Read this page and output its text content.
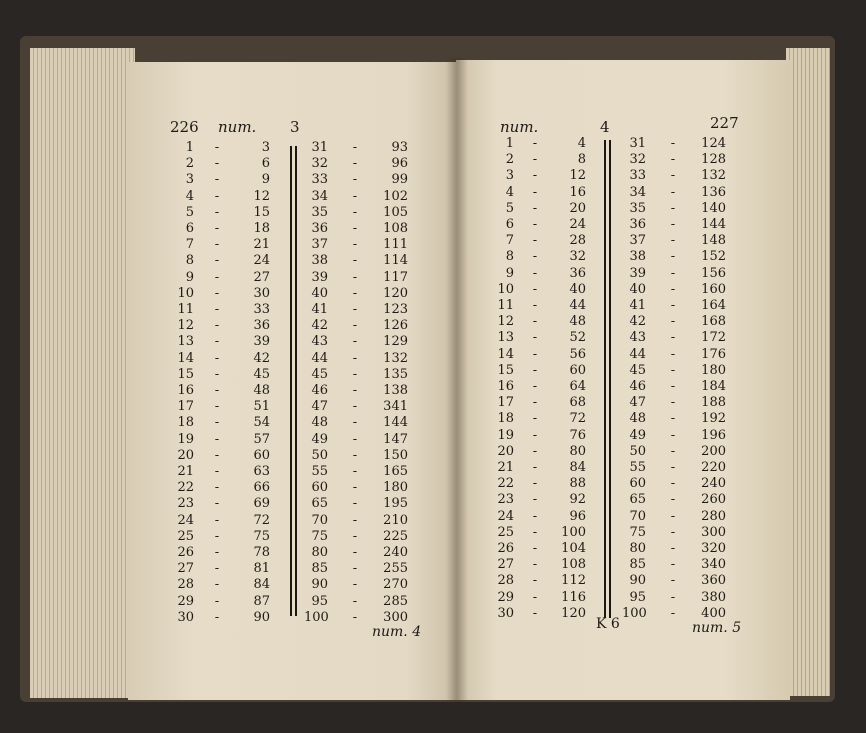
226 num. 3
1 -	3	31 -	93
2 -	6	32 -	96
3 -	9	33 -	99
4 -	12	34 -	102
5 -	15	35 -	105
6 -	18	36 -	108
7 -	21	37 -	111
8 -	24	38 -	114
9 -	27	39 -	117
10 -	30	40 -	120
11 -	33	41 -	123
12 -	36	42 -	126
13 -	39	43 -	129
14 -	42	44 -	132
15 -	45	45 -	135
16 -	48	46 -	138
17 -	51	47 -	341
18 -	54	48 -	144
19 -	57	49 -	147
20 -	60	50 -	150
21 -	63	55 -	165
22 -	66	60 -	180
23 -	69	65 -	195
24 -	72	70 -	210
25 -	75	75 -	225
26 -	78	80 -	240
27 -	81	85 -	255
28 -	84	90 -	270
29 -	87	95 -	285
30 -	90	100 -	300
num. 4
num.	4	227
1 -	4	31 -	124
2 -	8	32 -	128
3 -	12	33 -	132
4 -	16	34 -	136
5 -	20	35 -	140
6 -	24	36 -	144
7 -	28	37 -	148
8 -	32	38 -	152
9 -	36	39 -	156
10 -	40	40 -	160
11 -	44	41 -	164
12 -	48	42 -	168
13 -	52	43 -	172
14 -	56	44 -	176
15 -	60	45 -	180
16 -	64	46 -	184
17 -	68	47 -	188
18 -	72	48 -	192
19 -	76	49 -	196
20 -	80	50 -	200
21 -	84	55 -	220
22 -	88	60 -	240
23 -	92	65 -	260
24 -	96	70 -	280
25 -	100	75 -	300
26 -	104	80 -	320
27 -	108	85 -	340
28 -	112	90 -	360
29 -	116	95 -	380
30 -	120	100 -	400
K 6	num. 5
